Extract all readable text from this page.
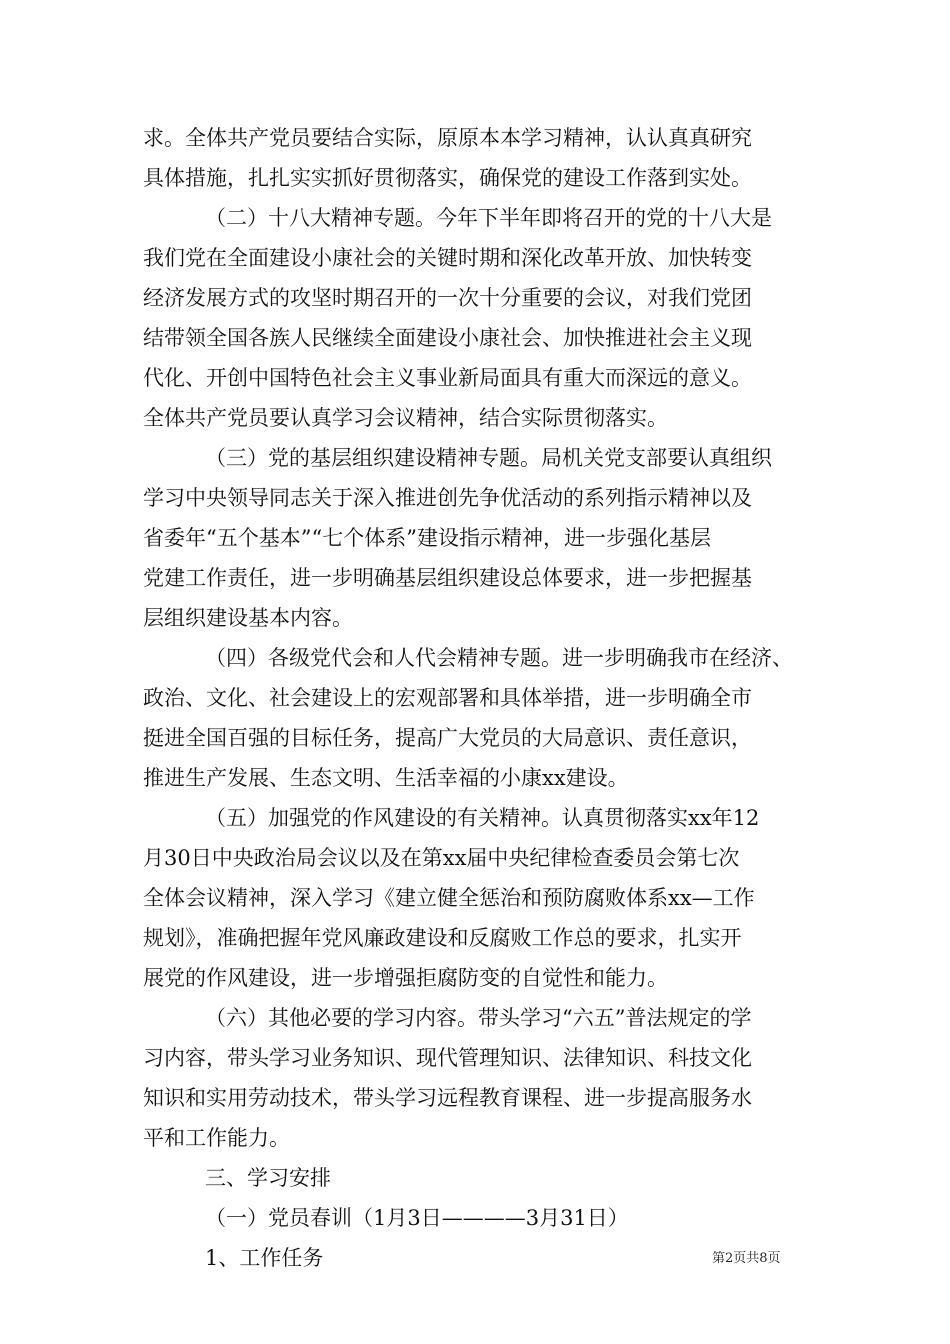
求。全体共产党员要结合实际，原原本本学习精神，认认真真研究
具体措施，扎扎实实抓好贯彻落实，确保党的建设工作落到实处。
（二）十八大精神专题。今年下半年即将召开的党的十八大是
我们党在全面建设小康社会的关键时期和深化改革开放、加快转变
经济发展方式的攻坚时期召开的一次十分重要的会议，对我们党团
结带领全国各族人民继续全面建设小康社会、加快推进社会主义现
代化、开创中国特色社会主义事业新局面具有重大而深远的意义。
全体共产党员要认真学习会议精神，结合实际贯彻落实。
（三）党的基层组织建设精神专题。局机关党支部要认真组织
学习中央领导同志关于深入推进创先争优活动的系列指示精神以及
省委年“五个基本”“七个体系”建设指示精神，进一步强化基层
党建工作责任，进一步明确基层组织建设总体要求，进一步把握基
层组织建设基本内容。
（四）各级党代会和人代会精神专题。进一步明确我市在经济、
政治、文化、社会建设上的宏观部署和具体举措，进一步明确全市
挺进全国百强的目标任务，提高广大党员的大局意识、责任意识，
推进生产发展、生态文明、生活幸福的小康xx建设。
（五）加强党的作风建设的有关精神。认真贯彻落实xx年12
月30日中央政治局会议以及在第xx届中央纪律检查委员会第七次
全体会议精神，深入学习《建立健全惩治和预防腐败体系xx—工作
规划》，准确把握年党风廉政建设和反腐败工作总的要求，扎实开
展党的作风建设，进一步增强拒腐防变的自觉性和能力。
（六）其他必要的学习内容。带头学习“六五”普法规定的学
习内容，带头学习业务知识、现代管理知识、法律知识、科技文化
知识和实用劳动技术，带头学习远程教育课程、进一步提高服务水
平和工作能力。
三、学习安排
（一）党员春训（1月3日————3月31日）
1、工作任务	第2页共8页
